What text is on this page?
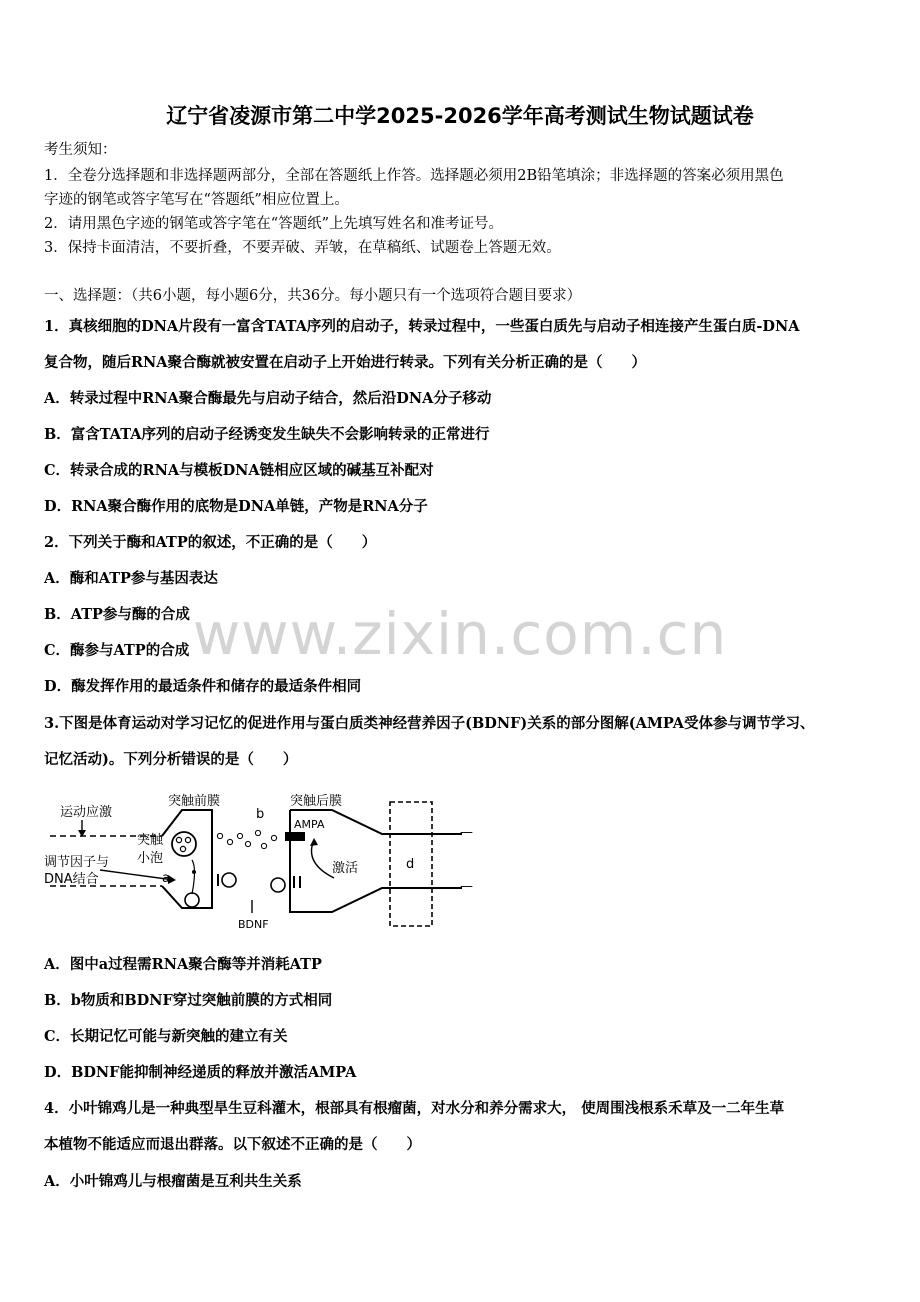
辽宁省凌源市第二中学2025-2026学年高考测试生物试题试卷
考生须知：
1．全卷分选择题和非选择题两部分，全部在答题纸上作答。选择题必须用2B铅笔填涂；非选择题的答案必须用黑色
字迹的钢笔或答字笔写在“答题纸”相应位置上。
2．请用黑色字迹的钢笔或答字笔在“答题纸”上先填写姓名和准考证号。
3．保持卡面清洁，不要折叠，不要弄破、弄皱，在草稿纸、试题卷上答题无效。
一、选择题：（共6小题，每小题6分，共36分。每小题只有一个选项符合题目要求）
1．真核细胞的DNA片段有一富含TATA序列的启动子，转录过程中，一些蛋白质先与启动子相连接产生蛋白质-DNA
复合物，随后RNA聚合酶就被安置在启动子上开始进行转录。下列有关分析正确的是（　　）
A．转录过程中RNA聚合酶最先与启动子结合，然后沿DNA分子移动
B．富含TATA序列的启动子经诱变发生缺失不会影响转录的正常进行
C．转录合成的RNA与模板DNA链相应区域的碱基互补配对
D．RNA聚合酶作用的底物是DNA单链，产物是RNA分子
2．下列关于酶和ATP的叙述，不正确的是（　　）
A．酶和ATP参与基因表达
B．ATP参与酶的合成
C．酶参与ATP的合成
D．酶发挥作用的最适条件和储存的最适条件相同
3.下图是体育运动对学习记忆的促进作用与蛋白质类神经营养因子(BDNF)关系的部分图解(AMPA受体参与调节学习、
记忆活动)。下列分析错误的是（　　）
运动应激
突触前膜	突触后膜
突触
小泡
调节因子与
DNA结合	a
b
AMPA
激活	d
BDNF
—
—
A．图中a过程需RNA聚合酶等并消耗ATP
B．b物质和BDNF穿过突触前膜的方式相同
C．长期记忆可能与新突触的建立有关
D．BDNF能抑制神经递质的释放并激活AMPA
4．小叶锦鸡儿是一种典型旱生豆科灌木，根部具有根瘤菌，对水分和养分需求大， 使周围浅根系禾草及一二年生草
本植物不能适应而退出群落。以下叙述不正确的是（　　）
A．小叶锦鸡儿与根瘤菌是互利共生关系
www.zixin.com.cn
